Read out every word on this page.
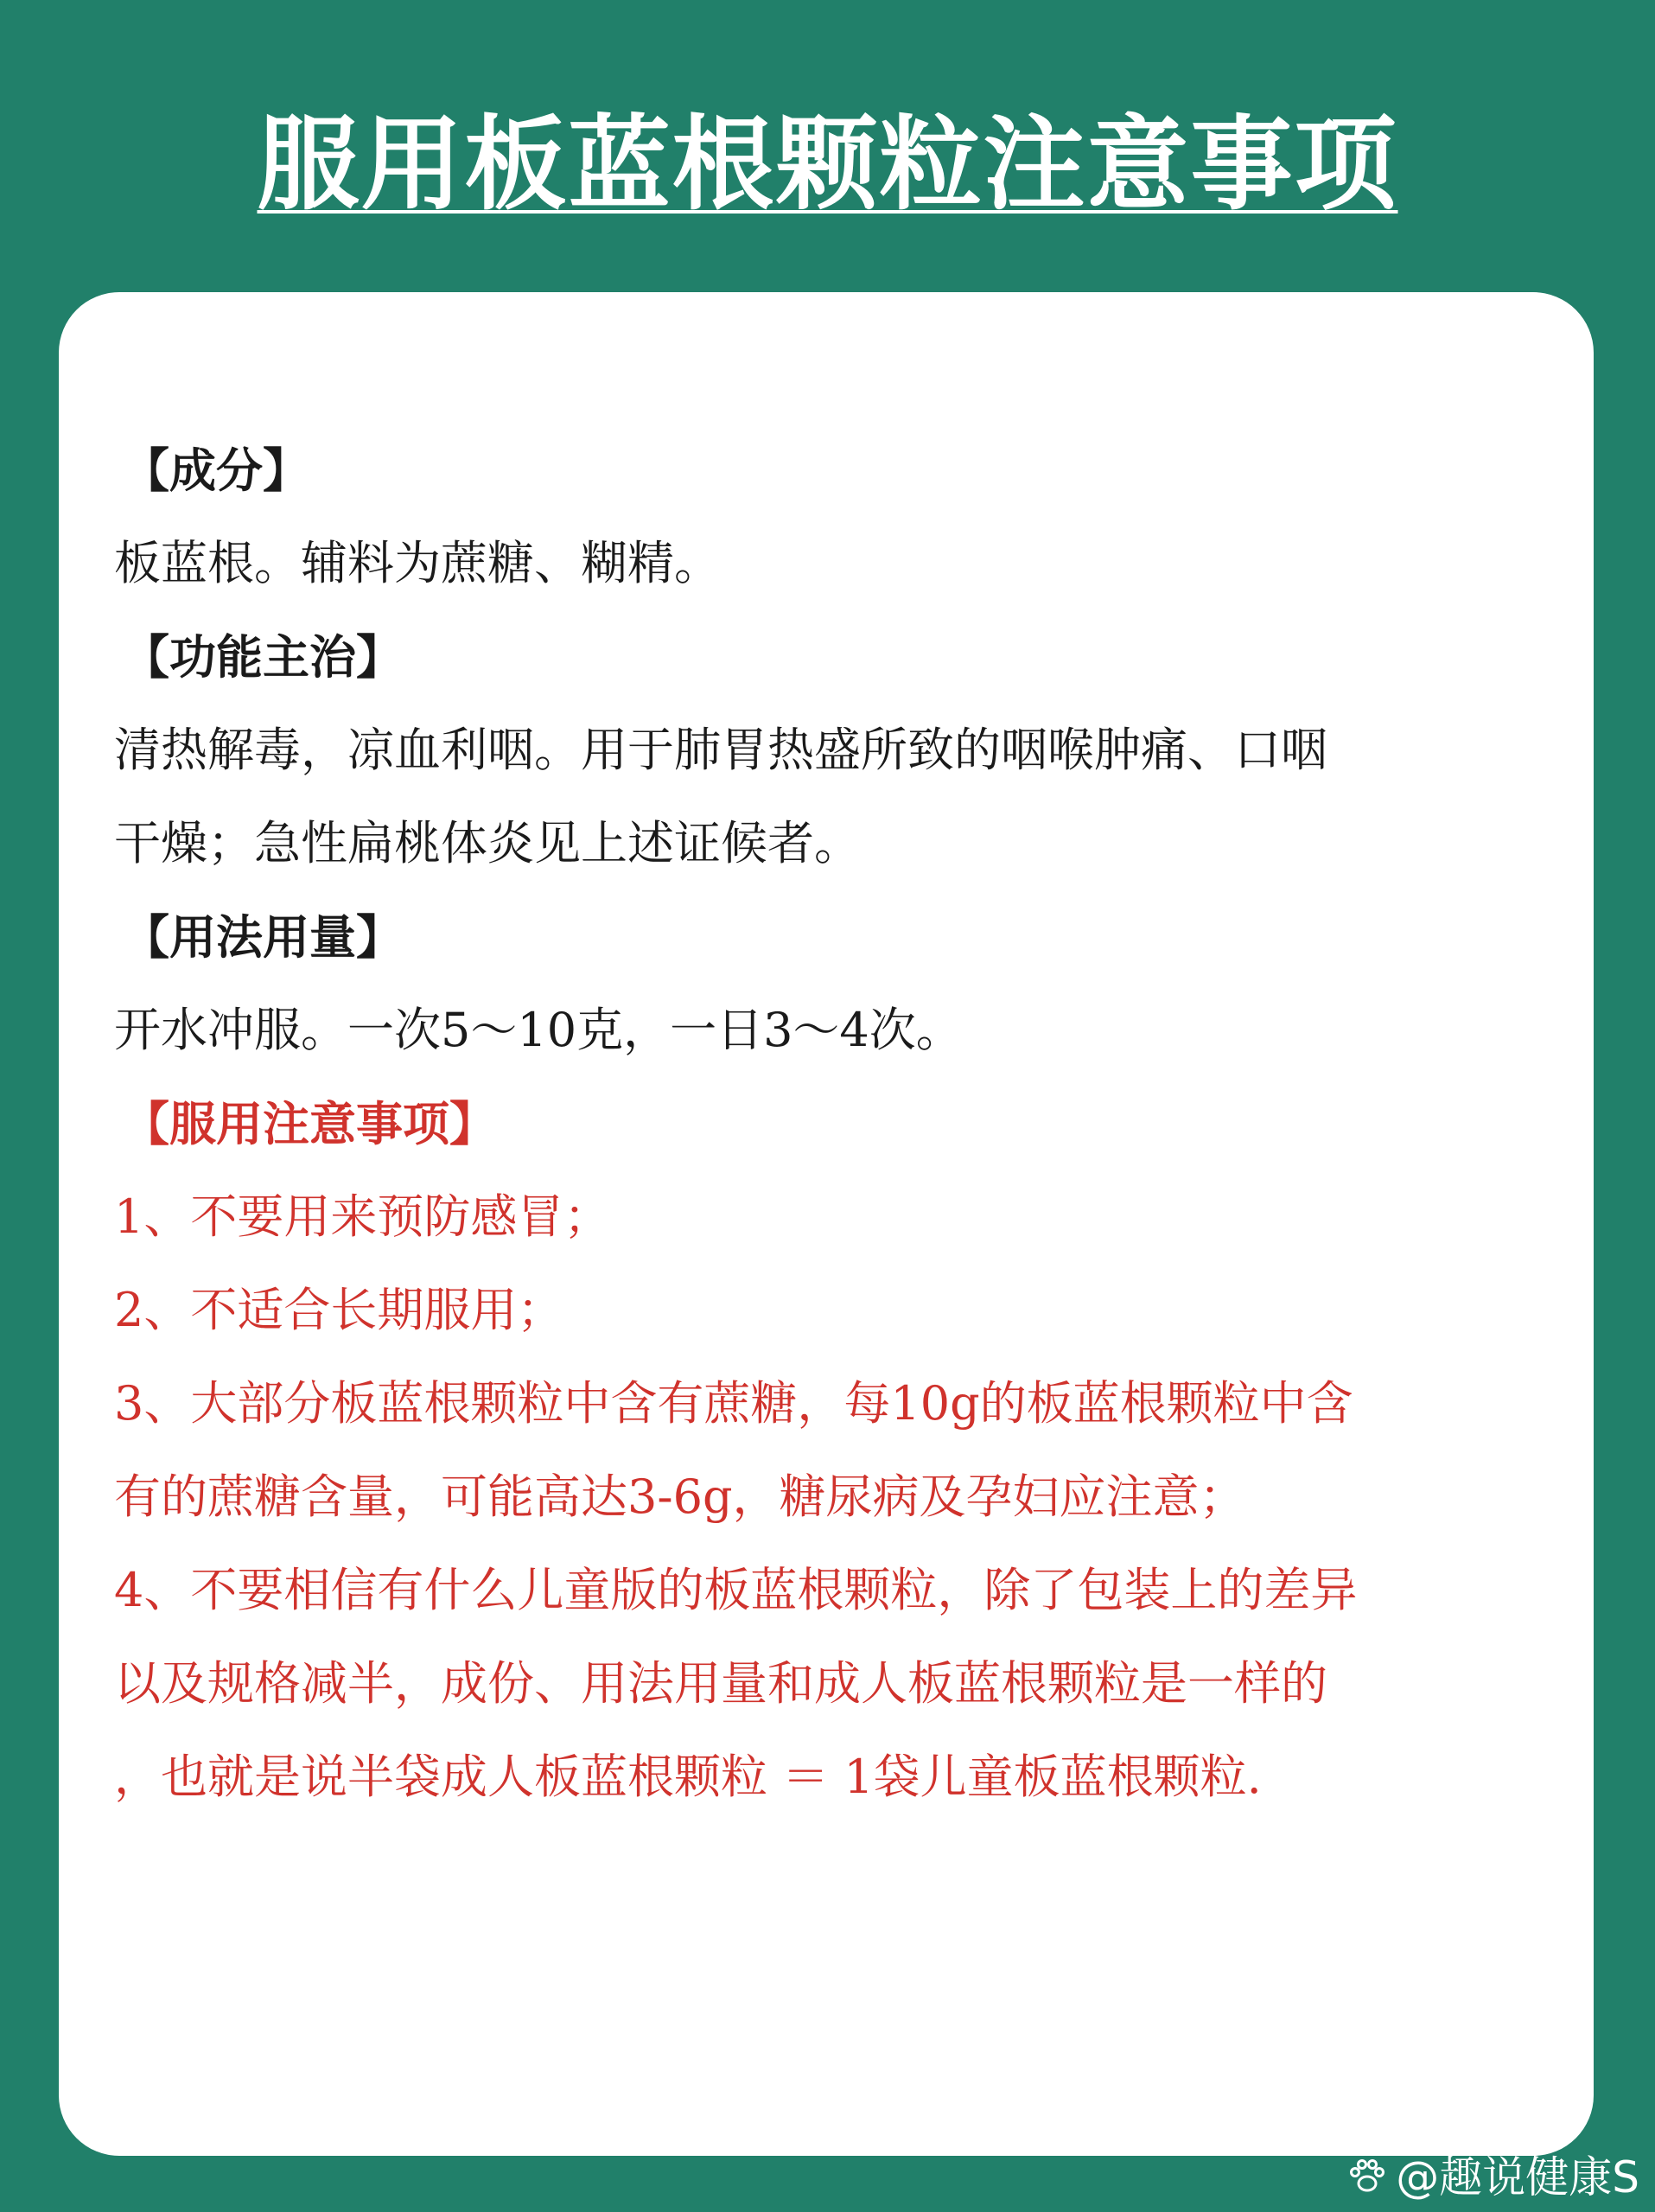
服用板蓝根颗粒注意事项
【成分】
板蓝根。辅料为蔗糖、糊精。
【功能主治】
清热解毒，凉血利咽。用于肺胃热盛所致的咽喉肿痛、口咽
干燥；急性扁桃体炎见上述证候者。
【用法用量】
开水冲服。一次5～10克，一日3～4次。
【服用注意事项】
1、不要用来预防感冒；
2、不适合长期服用；
3、大部分板蓝根颗粒中含有蔗糖，每10g的板蓝根颗粒中含
有的蔗糖含量，可能高达3-6g，糖尿病及孕妇应注意；
4、不要相信有什么儿童版的板蓝根颗粒，除了包装上的差异
以及规格减半，成份、用法用量和成人板蓝根颗粒是一样的
，也就是说半袋成人板蓝根颗粒 ＝ 1袋儿童板蓝根颗粒.
@趣说健康S
